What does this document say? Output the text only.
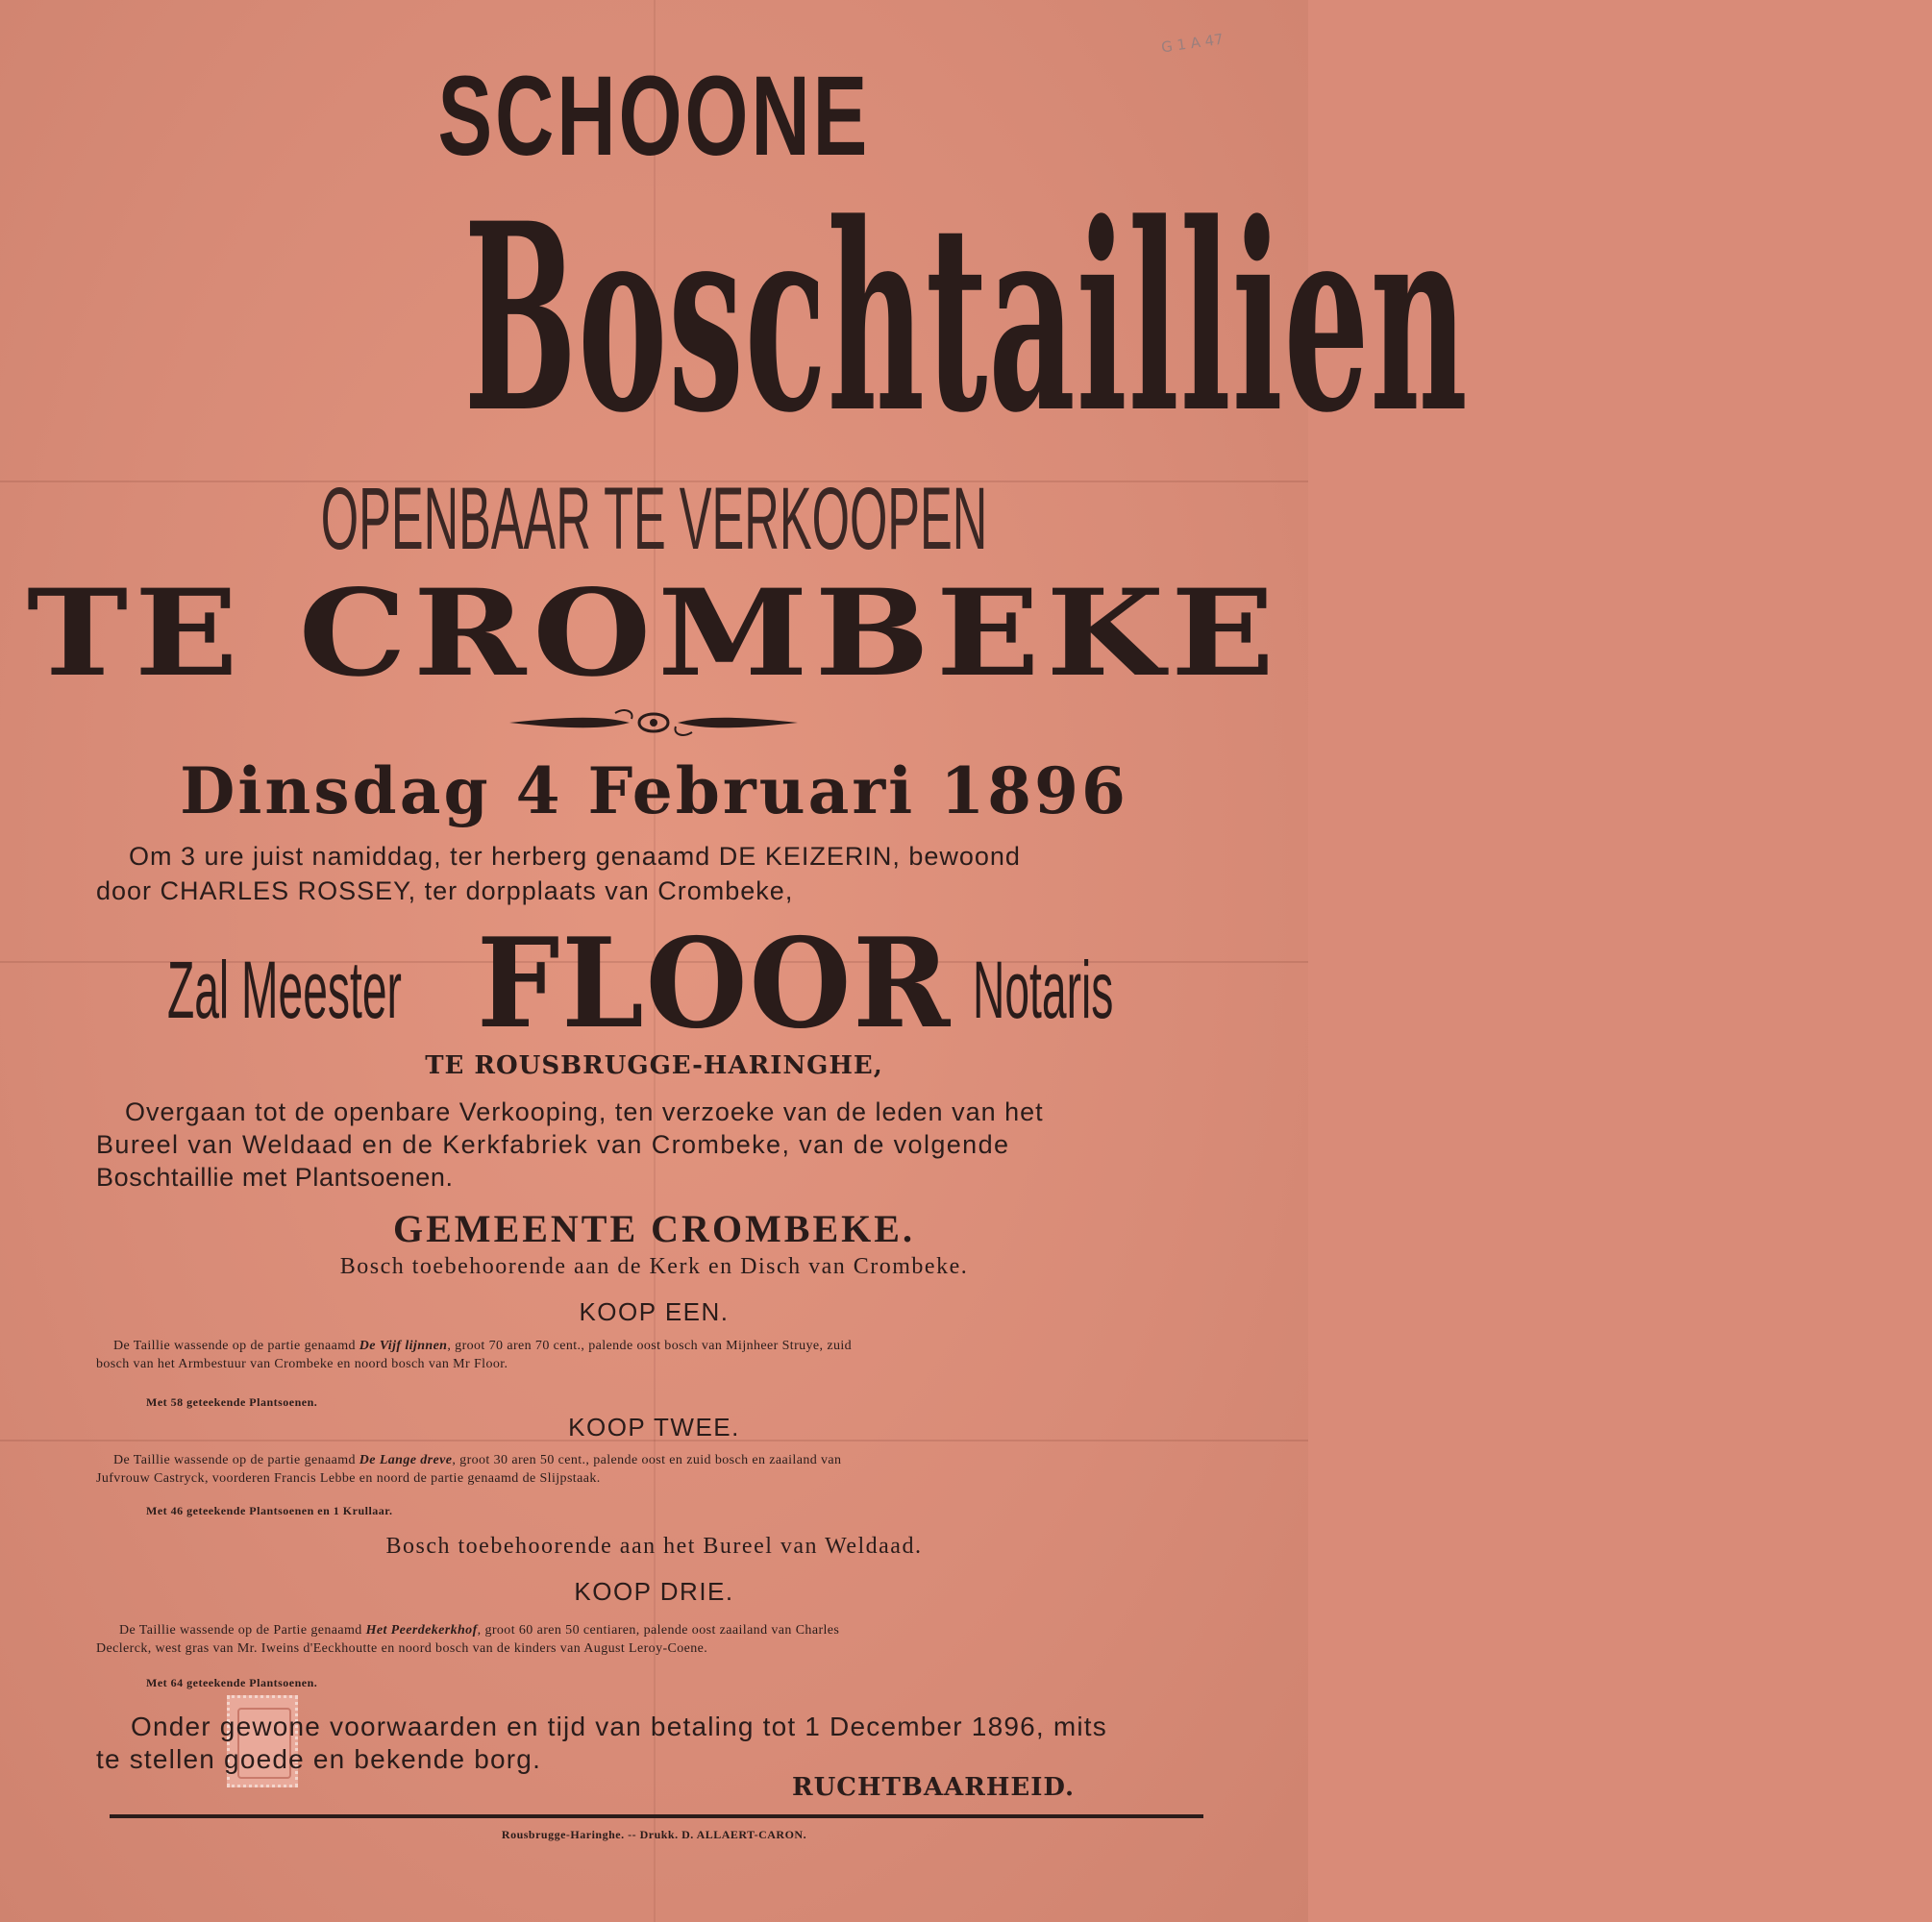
G 1 A 47
SCHOONE
Boschtaillien
OPENBAAR TE VERKOOPEN
TE CROMBEKE
Dinsdag 4 Februari 1896
Om 3 ure juist namiddag, ter herberg genaamd DE KEIZERIN, bewoond
door CHARLES ROSSEY, ter dorpplaats van Crombeke,
Zal Meester FLOOR Notaris
TE ROUSBRUGGE-HARINGHE,
Overgaan tot de openbare Verkooping, ten verzoeke van de leden van het
Bureel van Weldaad en de Kerkfabriek van Crombeke, van de volgende
Boschtaillie met Plantsoenen.
GEMEENTE CROMBEKE.
Bosch toebehoorende aan de Kerk en Disch van Crombeke.
KOOP EEN.
De Taillie wassende op de partie genaamd De Vijf lijnnen, groot 70 aren 70 cent., palende oost bosch van Mijnheer Struye, zuid
bosch van het Armbestuur van Crombeke en noord bosch van Mr Floor.
Met 58 geteekende Plantsoenen.
KOOP TWEE.
De Taillie wassende op de partie genaamd De Lange dreve, groot 30 aren 50 cent., palende oost en zuid bosch en zaailand van
Jufvrouw Castryck, voorderen Francis Lebbe en noord de partie genaamd de Slijpstaak.
Met 46 geteekende Plantsoenen en 1 Krullaar.
Bosch toebehoorende aan het Bureel van Weldaad.
KOOP DRIE.
De Taillie wassende op de Partie genaamd Het Peerdekerkhof, groot 60 aren 50 centiaren, palende oost zaailand van Charles
Declerck, west gras van Mr. Iweins d'Eeckhoutte en noord bosch van de kinders van August Leroy-Coene.
Met 64 geteekende Plantsoenen.
Onder gewone voorwaarden en tijd van betaling tot 1 December 1896, mits
te stellen goede en bekende borg.
RUCHTBAARHEID.
Rousbrugge-Haringhe. -- Drukk. D. ALLAERT-CARON.
